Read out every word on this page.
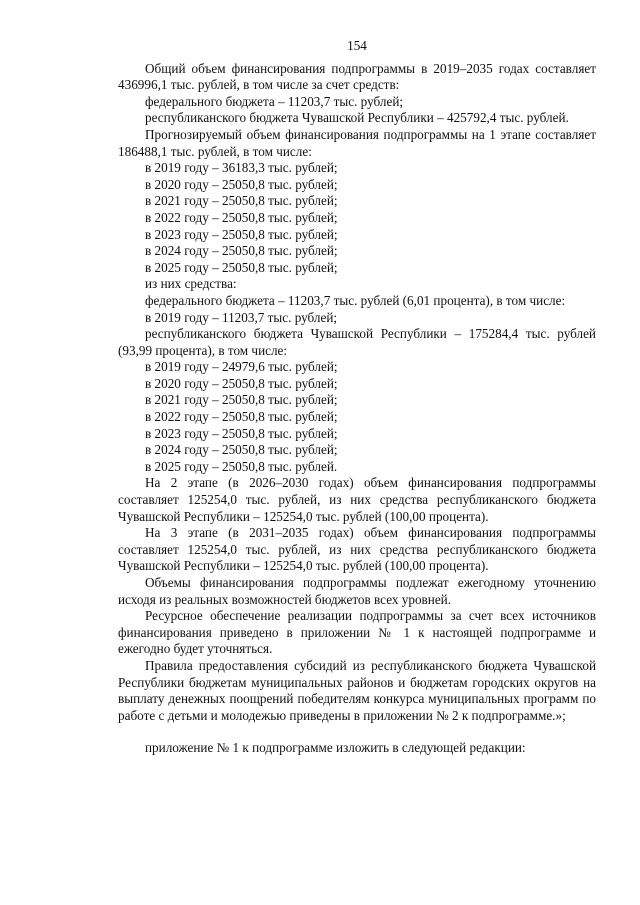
154

Общий объем финансирования подпрограммы в 2019–2035 годах составляет 436996,1 тыс. рублей, в том числе за счет средств:

федерального бюджета – 11203,7 тыс. рублей;

республиканского бюджета Чувашской Республики – 425792,4 тыс. рублей.

Прогнозируемый объем финансирования подпрограммы на 1 этапе составляет 186488,1 тыс. рублей, в том числе:

в 2019 году – 36183,3 тыс. рублей;

в 2020 году – 25050,8 тыс. рублей;

в 2021 году – 25050,8 тыс. рублей;

в 2022 году – 25050,8 тыс. рублей;

в 2023 году – 25050,8 тыс. рублей;

в 2024 году – 25050,8 тыс. рублей;

в 2025 году – 25050,8 тыс. рублей;

из них средства:

федерального бюджета – 11203,7 тыс. рублей (6,01 процента), в том числе:

в 2019 году – 11203,7 тыс. рублей;

республиканского бюджета Чувашской Республики – 175284,4 тыс. рублей (93,99 процента), в том числе:

в 2019 году – 24979,6 тыс. рублей;

в 2020 году – 25050,8 тыс. рублей;

в 2021 году – 25050,8 тыс. рублей;

в 2022 году – 25050,8 тыс. рублей;

в 2023 году – 25050,8 тыс. рублей;

в 2024 году – 25050,8 тыс. рублей;

в 2025 году – 25050,8 тыс. рублей.

На 2 этапе (в 2026–2030 годах) объем финансирования подпрограммы составляет 125254,0 тыс. рублей, из них средства республиканского бюджета Чувашской Республики – 125254,0 тыс. рублей (100,00 процента).

На 3 этапе (в 2031–2035 годах) объем финансирования подпрограммы составляет 125254,0 тыс. рублей, из них средства республиканского бюджета Чувашской Республики – 125254,0 тыс. рублей (100,00 процента).

Объемы финансирования подпрограммы подлежат ежегодному уточнению исходя из реальных возможностей бюджетов всех уровней.

Ресурсное обеспечение реализации подпрограммы за счет всех источников финансирования приведено в приложении № 1 к настоящей подпрограмме и ежегодно будет уточняться.

Правила предоставления субсидий из республиканского бюджета Чувашской Республики бюджетам муниципальных районов и бюджетам городских округов на выплату денежных поощрений победителям конкурса муниципальных программ по работе с детьми и молодежью приведены в приложении № 2 к подпрограмме.»;

приложение № 1 к подпрограмме изложить в следующей редакции:
